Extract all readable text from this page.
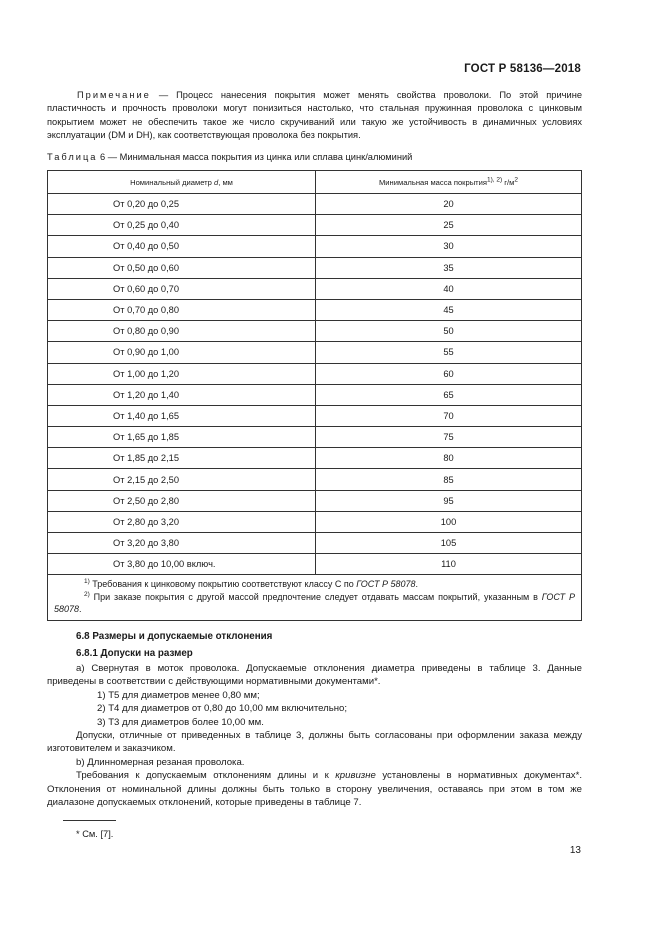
ГОСТ Р 58136—2018
Примечание — Процесс нанесения покрытия может менять свойства проволоки. По этой причине пластичность и прочность проволоки могут понизиться настолько, что стальная пружинная проволока с цинковым покрытием может не обеспечить такое же число скручиваний или такую же устойчивость в динамичных условиях эксплуатации (DM и DH), как соответствующая проволока без покрытия.
Таблица 6 — Минимальная масса покрытия из цинка или сплава цинк/алюминий
Номинальный диаметр d, мм	Минимальная масса покрытия$^{1), 2)}$ $г/м^2$
От 0,20 до 0,25	20
От 0,25 до 0,40	25
От 0,40 до 0,50	30
От 0,50 до 0,60	35
От 0,60 до 0,70	40
От 0,70 до 0,80	45
От 0,80 до 0,90	50
От 0,90 до 1,00	55
От 1,00 до 1,20	60
От 1,20 до 1,40	65
От 1,40 до 1,65	70
От 1,65 до 1,85	75
От 1,85 до 2,15	80
От 2,15 до 2,50	85
От 2,50 до 2,80	95
От 2,80 до 3,20	100
От 3,20 до 3,80	105
От 3,80 до 10,00 включ.	110

$^{1)}$ Требования к цинковому покрытию соответствуют классу С по ГОСТ Р 58078.
$^{2)}$ При заказе покрытия с другой массой предпочтение следует отдавать массам покрытий, указанным в ГОСТ Р 58078.	
6.8 Размеры и допускаемые отклонения
6.8.1 Допуски на размер

а) Свернутая в моток проволока. Допускаемые отклонения диаметра приведены в таблице 3. Данные приведены в соответствии с действующими нормативными документами*.

1) Т5 для диаметров менее 0,80 мм;

2) Т4 для диаметров от 0,80 до 10,00 мм включительно;

3) Т3 для диаметров более 10,00 мм.

Допуски, отличные от приведенных в таблице 3, должны быть согласованы при оформлении заказа между изготовителем и заказчиком.

b) Длинномерная резаная проволока.

Требования к допускаемым отклонениям длины и к кривизне установлены в нормативных документах*. Отклонения от номинальной длины должны быть только в сторону увеличения, оставаясь при этом в том же диалазоне допускаемых отклонений, которые приведены в таблице 7.

* См. [7].
13
